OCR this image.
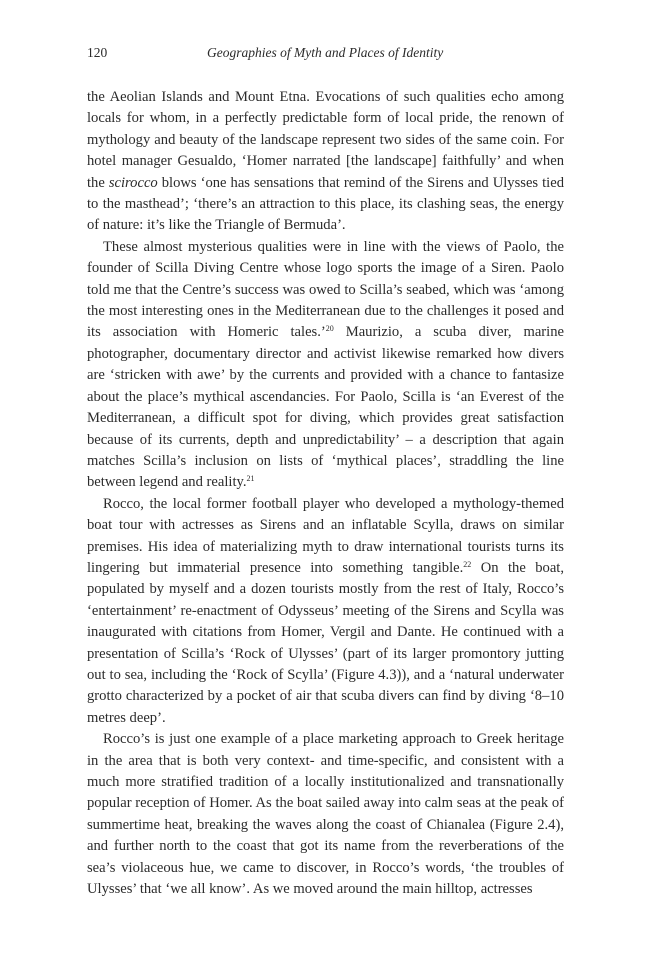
120	Geographies of Myth and Places of Identity

the Aeolian Islands and Mount Etna. Evocations of such qualities echo among locals for whom, in a perfectly predictable form of local pride, the renown of mythology and beauty of the landscape represent two sides of the same coin. For hotel manager Gesualdo, ‘Homer narrated [the landscape] faithfully’ and when the scirocco blows ‘one has sensations that remind of the Sirens and Ulysses tied to the masthead’; ‘there’s an attraction to this place, its clashing seas, the energy of nature: it’s like the Triangle of Bermuda’.

These almost mysterious qualities were in line with the views of Paolo, the founder of Scilla Diving Centre whose logo sports the image of a Siren. Paolo told me that the Centre’s success was owed to Scilla’s seabed, which was ‘among the most interesting ones in the Mediterranean due to the challenges it posed and its association with Homeric tales.’$^{20}$ Maurizio, a scuba diver, marine photographer, documentary director and activist likewise remarked how divers are ‘stricken with awe’ by the currents and provided with a chance to fantasize about the place’s mythical ascendancies. For Paolo, Scilla is ‘an Everest of the Mediterranean, a difficult spot for diving, which provides great satisfaction because of its currents, depth and unpredictability’ – a description that again matches Scilla’s inclusion on lists of ‘mythical places’, straddling the line between legend and reality.$^{21}$

Rocco, the local former football player who developed a mythology-themed boat tour with actresses as Sirens and an inflatable Scylla, draws on similar premises. His idea of materializing myth to draw international tourists turns its lingering but immaterial presence into something tangible.$^{22}$ On the boat, populated by myself and a dozen tourists mostly from the rest of Italy, Rocco’s ‘entertainment’ re-enactment of Odysseus’ meeting of the Sirens and Scylla was inaugurated with citations from Homer, Vergil and Dante. He continued with a presentation of Scilla’s ‘Rock of Ulysses’ (part of its larger promontory jutting out to sea, including the ‘Rock of Scylla’ (Figure 4.3)), and a ‘natural underwater grotto characterized by a pocket of air that scuba divers can find by diving ‘8–10 metres deep’.

Rocco’s is just one example of a place marketing approach to Greek heritage in the area that is both very context- and time-specific, and consistent with a much more stratified tradition of a locally institutionalized and transnationally popular reception of Homer. As the boat sailed away into calm seas at the peak of summertime heat, breaking the waves along the coast of Chianalea (Figure 2.4), and further north to the coast that got its name from the reverberations of the sea’s violaceous hue, we came to discover, in Rocco’s words, ‘the troubles of Ulysses’ that ‘we all know’. As we moved around the main hilltop, actresses
